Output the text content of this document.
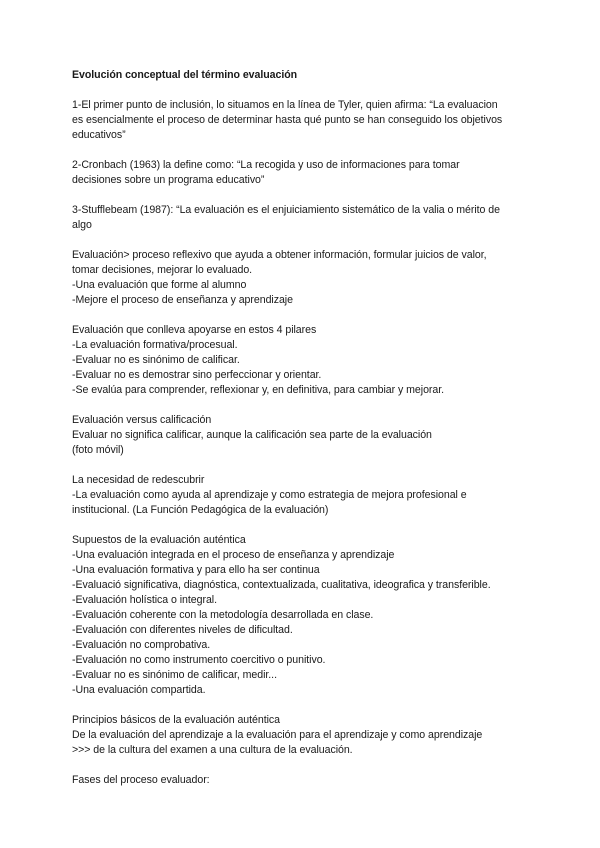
Evolución conceptual del término evaluación
1-El primer punto de inclusión, lo situamos en la línea de Tyler, quien afirma: “La evaluacion
es esencialmente el proceso de determinar hasta qué punto se han conseguido los objetivos
educativos”
2-Cronbach (1963) la define como: “La recogida y uso de informaciones para tomar
decisiones sobre un programa educativo”
3-Stufflebeam (1987): “La evaluación es el enjuiciamiento sistemático de la valia o mérito de
algo
Evaluación> proceso reflexivo que ayuda a obtener información, formular juicios de valor,
tomar decisiones, mejorar lo evaluado.
-Una evaluación que forme al alumno
-Mejore el proceso de enseñanza y aprendizaje
Evaluación que conlleva apoyarse en estos 4 pilares
-La evaluación formativa/procesual.
-Evaluar no es sinónimo de calificar.
-Evaluar no es demostrar sino perfeccionar y orientar.
-Se evalúa para comprender, reflexionar y, en definitiva, para cambiar y mejorar.
Evaluación versus calificación
Evaluar no significa calificar, aunque la calificación sea parte de la evaluación
(foto móvil)
La necesidad de redescubrir
-La evaluación como ayuda al aprendizaje y como estrategia de mejora profesional e
institucional. (La Función Pedagógica de la evaluación)
Supuestos de la evaluación auténtica
-Una evaluación integrada en el proceso de enseñanza y aprendizaje
-Una evaluación formativa y para ello ha ser continua
-Evaluació significativa, diagnóstica, contextualizada, cualitativa, ideografica y transferible.
-Evaluación holística o integral.
-Evaluación coherente con la metodología desarrollada en clase.
-Evaluación con diferentes niveles de dificultad.
-Evaluación no comprobativa.
-Evaluación no como instrumento coercitivo o punitivo.
-Evaluar no es sinónimo de calificar, medir...
-Una evaluación compartida.
Principios básicos de la evaluación auténtica
De la evaluación del aprendizaje a la evaluación para el aprendizaje y como aprendizaje
>>> de la cultura del examen a una cultura de la evaluación.
Fases del proceso evaluador:
